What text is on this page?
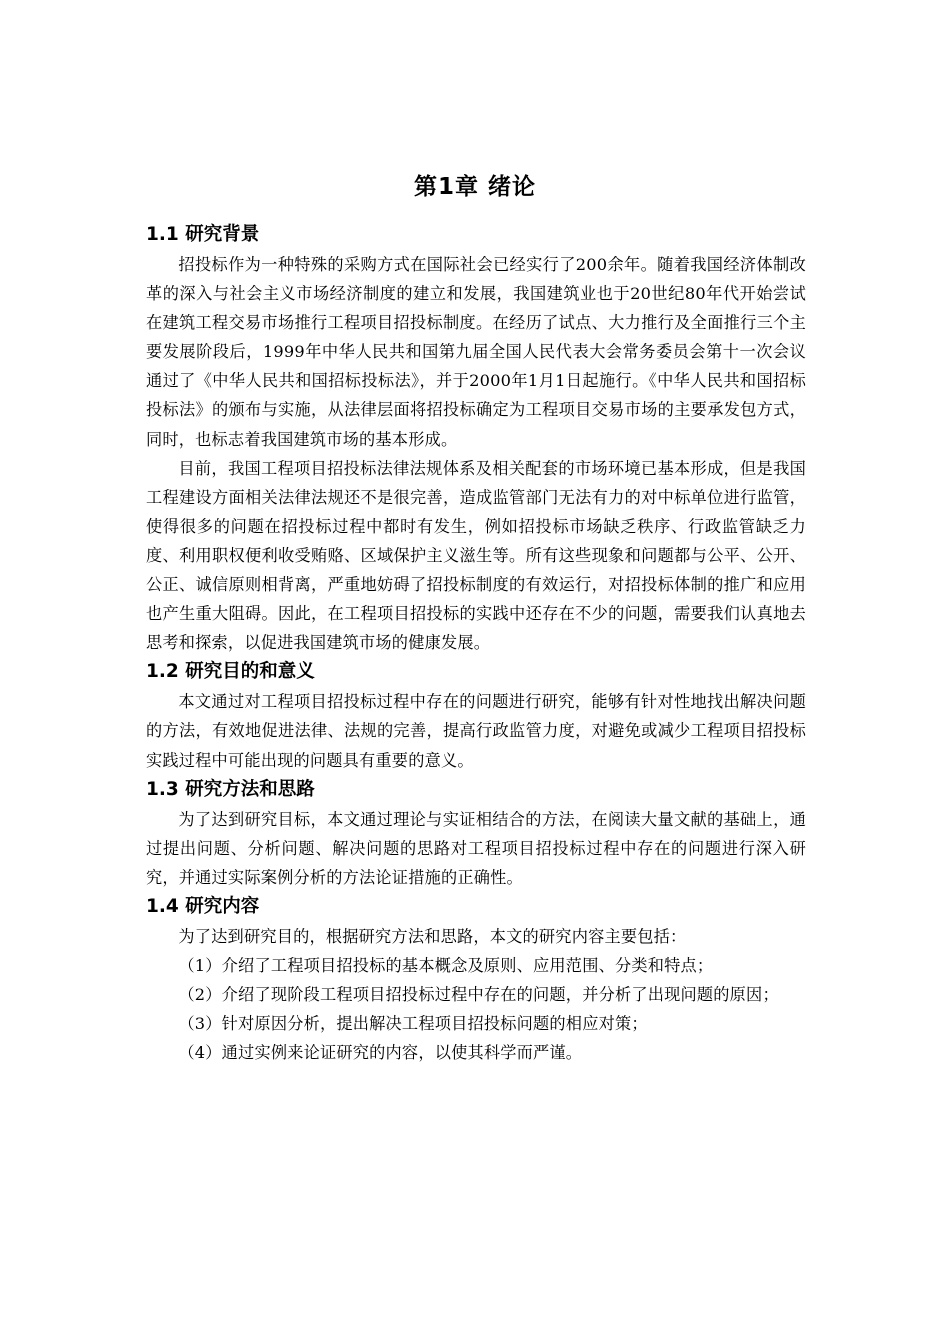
第1章 绪论
1.1 研究背景

招投标作为一种特殊的采购方式在国际社会已经实行了200余年。随着我国经济体制改革的深入与社会主义市场经济制度的建立和发展，我国建筑业也于20世纪80年代开始尝试在建筑工程交易市场推行工程项目招投标制度。在经历了试点、大力推行及全面推行三个主要发展阶段后，1999年中华人民共和国第九届全国人民代表大会常务委员会第十一次会议通过了《中华人民共和国招标投标法》，并于2000年1月1日起施行。《中华人民共和国招标投标法》的颁布与实施，从法律层面将招投标确定为工程项目交易市场的主要承发包方式，同时，也标志着我国建筑市场的基本形成。

目前，我国工程项目招投标法律法规体系及相关配套的市场环境已基本形成，但是我国工程建设方面相关法律法规还不是很完善，造成监管部门无法有力的对中标单位进行监管，使得很多的问题在招投标过程中都时有发生，例如招投标市场缺乏秩序、行政监管缺乏力度、利用职权便利收受贿赂、区域保护主义滋生等。所有这些现象和问题都与公平、公开、公正、诚信原则相背离，严重地妨碍了招投标制度的有效运行，对招投标体制的推广和应用也产生重大阻碍。因此，在工程项目招投标的实践中还存在不少的问题，需要我们认真地去思考和探索，以促进我国建筑市场的健康发展。

1.2 研究目的和意义

本文通过对工程项目招投标过程中存在的问题进行研究，能够有针对性地找出解决问题的方法，有效地促进法律、法规的完善，提高行政监管力度，对避免或减少工程项目招投标实践过程中可能出现的问题具有重要的意义。

1.3 研究方法和思路

为了达到研究目标，本文通过理论与实证相结合的方法，在阅读大量文献的基础上，通过提出问题、分析问题、解决问题的思路对工程项目招投标过程中存在的问题进行深入研究，并通过实际案例分析的方法论证措施的正确性。

1.4 研究内容

为了达到研究目的，根据研究方法和思路，本文的研究内容主要包括：

（1）介绍了工程项目招投标的基本概念及原则、应用范围、分类和特点；

（2）介绍了现阶段工程项目招投标过程中存在的问题，并分析了出现问题的原因；

（3）针对原因分析，提出解决工程项目招投标问题的相应对策；

（4）通过实例来论证研究的内容，以使其科学而严谨。
